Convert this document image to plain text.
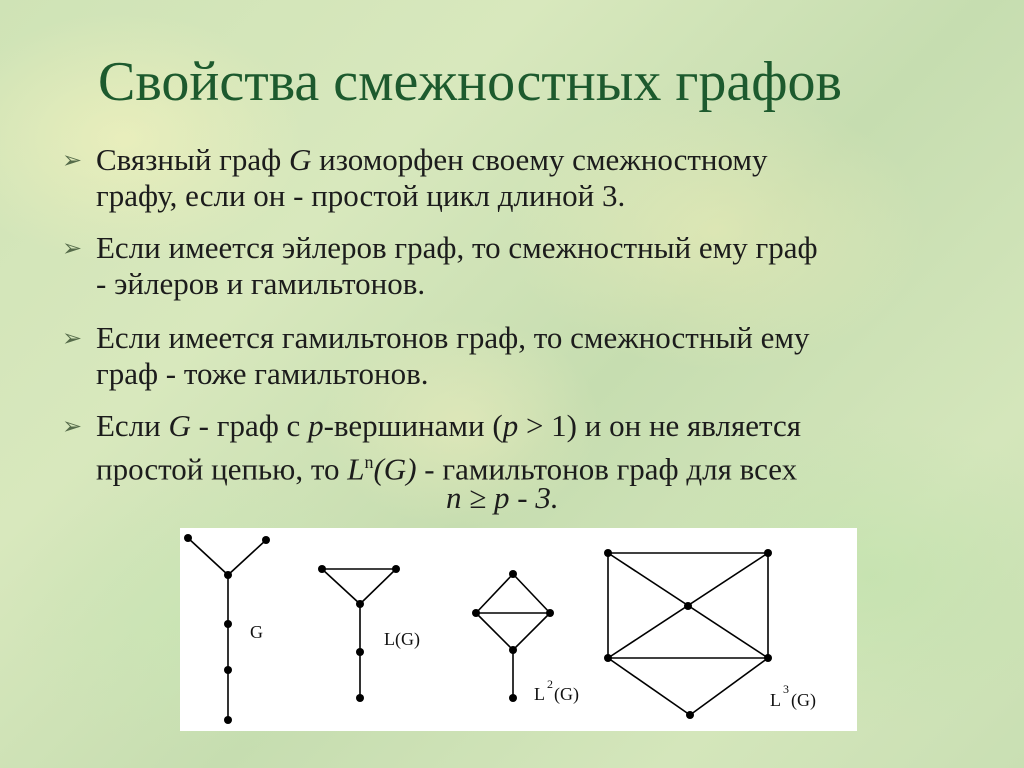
Свойства смежностных графов
➢ Связный граф G изоморфен своему смежностному
графу, если он - простой цикл длиной 3.
➢ Если имеется эйлеров граф, то смежностный ему граф
- эйлеров и гамильтонов.
➢ Если имеется гамильтонов граф, то смежностный ему
граф - тоже гамильтонов.
➢ Если G - граф с p-вершинами (p > 1) и он не является
простой цепью, то $L^n(G)$ - гамильтонов граф для всех
n ≥ p - 3.
G	L(G)
L 2 (G)	L
3
(G)
